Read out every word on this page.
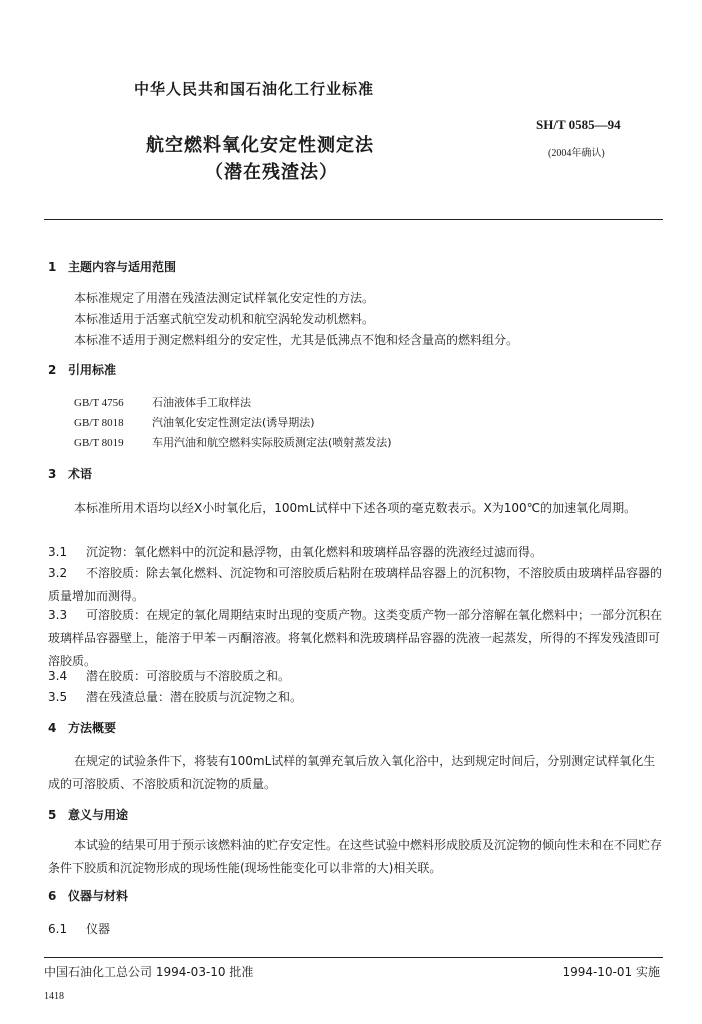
中华人民共和国石油化工行业标准
SH/T 0585—94
航空燃料氧化安定性测定法	(2004年确认)
（潜在残渣法）
1 主题内容与适用范围
本标准规定了用潜在残渣法测定试样氧化安定性的方法。
本标准适用于活塞式航空发动机和航空涡轮发动机燃料。
本标准不适用于测定燃料组分的安定性，尤其是低沸点不饱和烃含量高的燃料组分。
2 引用标准
GB/T 4756	石油液体手工取样法
GB/T 8018	汽油氧化安定性测定法(诱导期法)
GB/T 8019	车用汽油和航空燃料实际胶质测定法(喷射蒸发法)
3 术语
本标准所用术语均以经X小时氧化后，100mL试样中下述各项的毫克数表示。X为100℃的加速氧化周期。
3.1 沉淀物：氧化燃料中的沉淀和悬浮物，由氧化燃料和玻璃样品容器的洗液经过滤而得。
3.2 不溶胶质：除去氧化燃料、沉淀物和可溶胶质后粘附在玻璃样品容器上的沉积物，不溶胶质由玻璃样品容器的质量增加而测得。
3.3 可溶胶质：在规定的氧化周期结束时出现的变质产物。这类变质产物一部分溶解在氧化燃料中；一部分沉积在玻璃样品容器壁上，能溶于甲苯－丙酮溶液。将氧化燃料和洗玻璃样品容器的洗液一起蒸发，所得的不挥发残渣即可溶胶质。
3.4 潜在胶质：可溶胶质与不溶胶质之和。
3.5 潜在残渣总量：潜在胶质与沉淀物之和。
4 方法概要
在规定的试验条件下，将装有100mL试样的氧弹充氧后放入氧化浴中，达到规定时间后，分别测定试样氧化生成的可溶胶质、不溶胶质和沉淀物的质量。
5 意义与用途
本试验的结果可用于预示该燃料油的贮存安定性。在这些试验中燃料形成胶质及沉淀物的倾向性未和在不同贮存条件下胶质和沉淀物形成的现场性能(现场性能变化可以非常的大)相关联。
6 仪器与材料
6.1 仪器
中国石油化工总公司 1994-03-10 批准	1994-10-01 实施
1418
